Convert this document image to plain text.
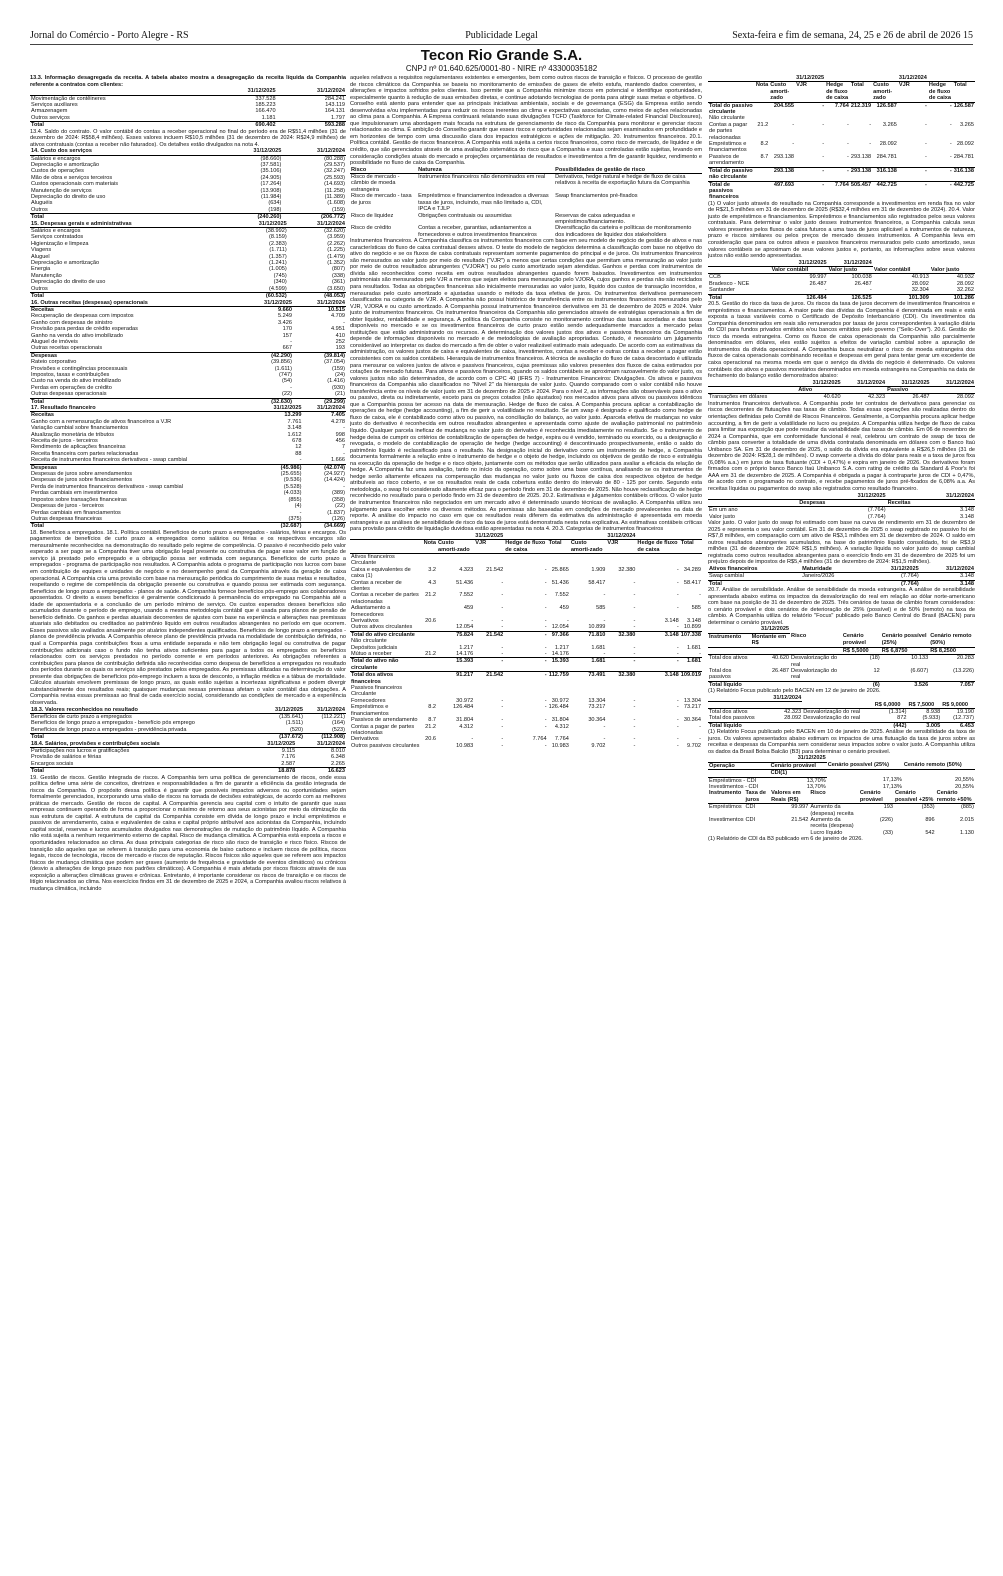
Jornal do Comércio - Porto Alegre - RS	Publicidade Legal	Sexta-feira e fim de semana, 24, 25 e 26 de abril de 2026 15
Tecon Rio Grande S.A.
CNPJ nº 01.640.625/0001-80 - NIRE nº 43300035182

13.3. Informação desagregada da receita. A tabela abaixo mostra a desagregação da receita líquida da Companhia referente a contratos com clientes:

	31/12/2025	31/12/2024
Movimentação de contêineres	337.528	284.241
Serviços auxiliares	185.223	143.119
Armazenagem	166.470	164.131
Outros serviços	1.181	1.797
Total	690.402	593.288

13.4. Saldo do contrato. O valor contábil do contas a receber operacional no final do período era de R$51,4 milhões (31 de dezembro de 2024: R$58,4 milhões). Esses valores incluem R$10,5 milhões (31 de dezembro de 2024: R$24,9 milhões) de ativos contratuais (contas a receber não faturados). Os detalhes estão divulgados na nota 4.

14. Custo dos serviços	31/12/2025	31/12/2024
Salários e encargos	(98.660)	(80.288)
Depreciação e amortização	(37.581)	(29.537)
Custos de operações	(35.106)	(32.247)
Mão de obra e serviços terceiros	(24.905)	(25.593)
Custos operacionais com materiais	(17.264)	(14.693)
Manutenção de serviços	(13.908)	(11.258)
Depreciação do direito de uso	(11.984)	(11.389)
Aluguéis	(634)	(1.608)
Outros	(198)	(159)
Total	(240.260)	(206.772)
15. Despesas gerais e administrativas	31/12/2025	31/12/2024
Salários e encargos	(38.992)	(32.620)
Serviços contratados	(8.159)	(3.959)
Higienização e limpeza	(2.383)	(2.262)
Viagens	(1.711)	(1.225)
Aluguel	(1.357)	(1.479)
Depreciação e amortização	(1.241)	(1.352)
Energia	(1.005)	(807)
Manutenção	(745)	(338)
Depreciação do direito de uso	(340)	(361)
Outros	(4.599)	(3.650)
Total	(60.532)	(48.053)
16. Outras receitas (despesas) operacionais	31/12/2025	31/12/2024
Receitas	9.660	10.515
Recuperação de despesas com impostos	5.249	4.709
Ganho com despesas de sinistro	3.426	-
Provisão para perdas de crédito esperadas	170	4.951
Ganho na venda do ativo imobilizado	157	410
Aluguel de imóveis	-	252
Outras receitas operacionais	667	193
Despesas	(42.290)	(39.814)
Rateio corporativo	(39.856)	(37.054)
Provisões e contingências processuais	(1.611)	(159)
Impostos, taxas e contribuições	(747)	(24)
Custo na venda do ativo imobilizado	(54)	(1.416)
Perdas em operações de crédito	-	(930)
Outras despesas operacionais	(22)	(21)
Total	(32.630)	(29.299)
17. Resultado financeiro	31/12/2025	31/12/2024
Receitas	13.299	7.405
Ganho com a remensuração de ativos financeiros a VJR	7.761	4.278
Variação cambial sobre financiamentos	3.148	-
Atualização monetária de tributos	1.612	998
Receita de juros - terceiros	678	456
Rendimento de aplicações financeiras	12	7
Receita financeira com partes relacionadas	88	-
Receita de instrumentos financeiros derivativos - swap cambial	-	1.666
Despesas	(45.986)	(42.074)
Despesas de juros sobre arrendamentos	(25.655)	(24.927)
Despesas de juros sobre financiamentos	(9.536)	(14.424)
Perda de instrumentos financeiros derivativos - swap cambial	(5.528)	-
Perdas cambiais em investimentos	(4.033)	(389)
Impostos sobre transações financeiras	(855)	(358)
Despesas de juros - terceiros	(4)	(22)
Perdas cambiais em financiamentos	-	(1.837)
Outras despesas financeiras	(375)	(126)
Total	(32.687)	(34.669)

18. Benefícios a empregados. 18.1. Política contábil. Benefícios de curto prazo a empregados - salários, férias e encargos. Os pagamentos de benefícios de curto prazo a empregados como salários ou férias e os respectivos encargos são mensuralmente reconhecidos na demonstração do resultado pelo regime de competência. O passivo é reconhecido pelo valor esperado a ser pago se a Companhia tiver uma obrigação legal presente ou construtiva de pagar esse valor em função de serviço já prestado pelo empregado e a obrigação possa ser estimada com segurança. Benefícios de curto prazo a empregados - programa de participação nos resultados. A Companhia adota o programa de participação nos lucros com base em contribuição de equipes e unidades de negócio e no desempenho geral da Companhia através da geração de caixa operacional. A Companhia cria uma provisão com base na mensuração periódica do cumprimento de suas metas e resultados, respeitando o regime de competência da obrigação presente ou construtiva e quando possa ser estimada com segurança. Benefícios de longo prazo a empregados - planos de saúde. A Companhia fornece benefícios pós-emprego aos colaboradores aposentados. O direito a esses benefícios é geralmente condicionado à permanência do empregado na Companhia até a idade de aposentadoria e a conclusão de um período mínimo de serviço. Os custos esperados desses benefícios são acumulados durante o período de emprego, usando a mesma metodologia contábil que é usada para planos de pensão de benefício definido. Os ganhos e perdas atuariais decorrentes de ajustes com base na experiência e alterações nas premissas atuariais são debitados ou creditados ao patrimônio líquido em outros resultados abrangentes no período em que ocorrem. Esses passivos são avaliados anualmente por atuários independentes qualificados. Benefícios de longo prazo a empregados - planos de previdência privada. A Companhia oferece plano de previdência privada na modalidade de contribuição definida, no qual a Companhia paga contribuições fixas a uma entidade separada e não tem obrigação legal ou construtiva de pagar contribuições adicionais caso o fundo não tenha ativos suficientes para pagar a todos os empregados os benefícios relacionados com os serviços prestados no período corrente e em períodos anteriores. As obrigações referentes a contribuições para planos de contribuição definida são reconhecidas como despesa de benefícios a empregados no resultado dos períodos durante os quais os serviços são prestados pelos empregados. As premissas utilizadas na determinação do valor presente das obrigações de benefícios pós-emprego incluem a taxa de desconto, a inflação médica e a tábua de mortalidade. Cálculos atuariais envolvem premissas de longo prazo, as quais estão sujeitas a incertezas significativas e podem divergir substancialmente dos resultados reais; quaisquer mudanças nessas premissas afetam o valor contábil das obrigações. A Companhia revisa essas premissas ao final de cada exercício social, considerando as condições de mercado e a experiência observada.

18.3. Valores reconhecidos no resultado	31/12/2025	31/12/2024
Benefícios de curto prazo a empregados	(135.641)	(112.221)
Benefícios de longo prazo a empregados - benefício pós emprego	(1.511)	(164)
Benefícios de longo prazo a empregados - previdência privada	(520)	(523)
Total	(137.672)	(112.908)
18.4. Salários, provisões e contribuições sociais	31/12/2025	31/12/2024
Participações nos lucros e gratificações	9.115	8.010
Provisão de salários e férias	7.176	6.348
Encargos sociais	2.587	2.265
Total	18.878	16.623

19. Gestão de riscos. Gestão integrada de riscos. A Companhia tem uma política de gerenciamento de riscos, onde essa política define uma série de conceitos, diretrizes e responsabilidades a fim de garantir a eficiência da gestão integrada de riscos da Companhia. O propósito dessa política é garantir que possíveis impactos adversos ou oportunidades sejam formalmente gerenciados, incorporando uma visão de riscos na tomada de decisões estratégicas, de acordo com as melhores práticas de mercado. Gestão de riscos de capital. A Companhia gerencia seu capital com o intuito de garantir que suas empresas continuem operando de forma a proporcionar o máximo de retorno aos seus acionistas por meio da otimização da sua estrutura de capital. A estrutura de capital da Companhia consiste em dívida de longo prazo e inclui empréstimos e passivos de arrendamento, caixa e equivalentes de caixa e capital próprio atribuível aos acionistas da Companhia, incluindo capital social, reservas e lucros acumulados divulgados nas demonstrações de mutação do patrimônio líquido. A Companhia não está sujeita a nenhum requerimento externo de capital. Risco de mudança climática. A Companhia está exposta a riscos e oportunidades relacionados ao clima. As duas principais categorias de risco são risco de transição e risco físico. Riscos de transição são aqueles que se referem à transição para uma economia de baixo carbono e incluem riscos de política, riscos legais, riscos de tecnologia, riscos de mercado e riscos de reputação. Riscos físicos são aqueles que se referem aos impactos físicos de mudança climática que podem ser graves (aumento de frequência e gravidade de eventos climáticos) ou crônicos (desvio a alterações de longo prazo nos padrões climáticos). A Companhia é mais afetada por riscos físicos através de sua exposição a alterações climáticas graves e crônicas. Entretanto, é importante considerar os riscos de transição e os riscos de litígio relacionados ao clima. Nos exercícios findos em 31 de dezembro de 2025 e 2024, a Companhia avaliou riscos relativos à mudança climática, incluindo

aqueles relativos a requisitos regulamentares existentes e emergentes, bem como outros riscos de transição e físicos. O processo de gestão de riscos climáticos da Companhia se baseia no monitoramento de emissões de gases de efeito estufa, mantendo dados coerentes, e alterações e impactos sofridos pelos clientes. Isso permite que a Companhia minimize riscos em potencial e identifique oportunidades, especialmente quanto à redução de suas emissões diretas, e continue adotando tecnologias de ponta para atingir suas metas e objetivos. O Conselho está atento para entender que as principais iniciativas ambientais, sociais e de governança (ESG) da Empresa estão sendo desenvolvidas e/ou implementadas para reduzir os riscos inerentes ao clima e expectativas associadas, como meios de ações relacionadas ao clima para a Companhia. A Empresa continuará relatando suas divulgações TCFD (Taskforce for Climate-related Financial Disclosures), que impulsionaram uma abordagem mais focada na estrutura de gerenciamento de risco da Companhia para monitorar e gerenciar riscos relacionados ao clima. É ambição do Conselho garantir que esses riscos e oportunidades relacionadas sejam examinados em profundidade e em horizontes de tempo com uma discussão clara dos impactos estratégicos e ações de mitigação. 20. Instrumentos financeiros. 20.1. Política contábil. Gestão de riscos financeiros. A Companhia está sujeita a certos riscos financeiros, como risco de mercado, de liquidez e de crédito, que são gerenciados através de uma avaliação sistemática do risco que a Companhia e suas controladas estão sujeitas, levando em consideração condições atuais do mercado e projeções orçamentárias de resultados e investimentos a fim de garantir liquidez, rendimento e possibilidade no fluxo de caixa da Companhia.

Risco	Natureza	Possibilidades de gestão de risco
Risco de mercado - câmbio de moeda estrangeira	Instrumentos financeiros não denominados em real	Derivativos, hedge natural e hedge de fluxo de caixa relativos à receita de exportação futura da Companhia
Risco de mercado - taxa de juros	Empréstimos e financiamentos indexados a diversas taxas de juros, incluindo, mas não limitado a, CDI, IPCA e TJLP	Swap financiamentos pré-fixados
Risco de liquidez	Obrigações contratuais ou assumidas	Reservas de caixa adequadas e empréstimos/financiamento.
Risco de crédito	Contas a receber, garantias, adiantamentos a fornecedores e outros investimentos financeiros	Diversificação da carteira e políticas de monitoramento dos indicadores de liquidez dos stakeholders

Instrumentos financeiros. A Companhia classifica os instrumentos financeiros com base em seu modelo de negócio de gestão de ativos e nas características do fluxo de caixa contratual desses ativos. O teste do modelo de negócios determina a classificação com base no objetivo do ativo do negócio e se os fluxos de caixa contratuais representam somente pagamentos do principal e de juros. Os instrumentos financeiros são mensurados ao valor justo por meio do resultado ("VJR") a menos que certas condições que permitam uma mensuração ao valor justo por meio de outros resultados abrangentes ("VJORA") ou pelo custo amortizado sejam atendidas. Ganhos e perdas com instrumentos de dívida são reconhecidos como receita em outros resultados abrangentes quando forem baixados. Investimentos em instrumentos patrimoniais são mensurados pelo VJR a menos que sejam eleitos para mensuração pelo VJORA, cujos ganhos e perdas não são reciclados para resultados. Todas as obrigações financeiras são inicialmente mensuradas ao valor justo, líquido dos custos de transação incorridos, e mensuradas pelo custo amortizado e ajustadas usando o método da taxa efetiva de juros. Os instrumentos derivativos permanecem classificados na categoria de VJR. A Companhia não possui histórico de transferência entre os instrumentos financeiros mensurados pelo VJR, VJORA e ou custo amortizado. A Companhia possui instrumentos financeiros derivativos em 31 de dezembro de 2025 e 2024. Valor justo de instrumentos financeiros. Os instrumentos financeiros da Companhia são gerenciados através de estratégias operacionais a fim de obter liquidez, rentabilidade e segurança. A política da Companhia consiste no monitoramento contínuo das taxas acordadas e das taxas disponíveis no mercado e se os investimentos financeiros de curto prazo estão sendo adequadamente marcados a mercado pelas instituições que estão administrando os recursos. A determinação dos valores justos dos ativos e passivos financeiros da Companhia depende de informações disponíveis no mercado e de metodologias de avaliação apropriadas. Contudo, é necessário um julgamento considerável ao interpretar os dados do mercado a fim de obter o valor realizável estimado mais adequado. De acordo com as estimativas da administração, os valores justos de caixa e equivalentes de caixa, investimentos, contas a receber e outras contas a receber a pagar estão consistentes com os saldos contábeis. Hierarquia de instrumentos financeiros. A técnica de avaliação do fluxo de caixa descontado é utilizada para mensurar os valores justos de ativos e passivos financeiros, cujas premissas são valores presentes dos fluxos de caixa estimados por cotações de mercado futuras. Para ativos e passivos financeiros, quando os saldos contábeis se aproximam razoavelmente do valor justo, os valores justos não são determinados, de acordo com o CPC 40 (IFRS 7) - Instrumentos Financeiros: Divulgações. Os ativos e passivos financeiros da Companhia são classificados no "Nível 2" da hierarquia de valor justo. Quando comparado com o valor contábil não houve transferência entre os níveis de valor justo em 31 de dezembro de 2025 e 2024. Para o nível 2, as informações são observáveis para o ativo ou passivo, direta ou indiretamente, exceto para os preços cotados (não ajustados) nos mercados ativos para ativos ou passivos idênticos que a Companhia possa ter acesso na data de mensuração. Hedge de fluxo de caixa. A Companhia procura aplicar a contabilização de operações de hedge (hedge accounting), a fim de gerir a volatilidade no resultado. Se um swap é designado e qualificado como hedge de fluxo de caixa, ele é contabilizado como ativo ou passivo, na conciliação do balanço, ao valor justo. Aparcela efetiva de mudanças no valor justo do derivativo é reconhecida em outros resultados abrangentes e apresentada como ajuste de avaliação patrimonial no patrimônio líquido. Qualquer parcela ineficaz de mudança no valor justo do derivativo é reconhecida imediatamente no resultado. Se o instrumento de hedge deixa de cumprir os critérios de contabilização de operações de hedge, expira ou é vendido, terminado ou exercido, ou a designação é revogada, o modelo de contabilização de operação de hedge (hedge accounting) é descontinuado prospectivamente, então o saldo do patrimônio líquido é reclassificado para o resultado. Na designação inicial do derivativo como um instrumento de hedge, a Companhia documenta formalmente a relação entre o instrumento de hedge e o objeto de hedge, incluindo os objetivos de gestão de risco e estratégia na execução da operação de hedge e o risco objeto, juntamente com os métodos que serão utilizados para avaliar a eficácia da relação de hedge. A Companhia faz uma avaliação, tanto no início da operação, como sobre uma base contínua, analisando se os instrumentos de hedge serão altamente eficazes na compensação das mudanças no valor justo ou fluxos de caixa dos respectivos objetos de hedge atribuíveis ao risco coberto, e se os resultados reais de cada cobertura estão dentro do intervalo de 80 - 125 por cento. Segundo esta metodologia, o swap foi considerado altamente eficaz para o período findo em 31 de dezembro de 2025. Não houve reclassificação de hedge reconhecido no resultado para o período findo em 31 de dezembro de 2025. 20.2. Estimativas e julgamentos contábeis críticos. O valor justo de instrumentos financeiros não negociados em um mercado ativo é determinado usando técnicas de avaliação. A Companhia utiliza seu julgamento para escolher entre os diversos métodos. As premissas são baseadas em condições de mercado prevalecentes na data de reporte. A análise do impacto no caso em que os resultados reais diferem da estimativa da administração é apresentada em moeda estrangeira e as análises de sensibilidade de risco da taxa de juros está demonstrada nesta nota explicativa. As estimativas contábeis críticas para provisão para crédito de liquidação duvidosa estão apresentadas na nota 4. 20.3. Categorias de instrumentos financeiros

			31/12/2025				31/12/2024		
	Nota	Custo amorti-zado	VJR	Hedge de fluxo de caixa	Total	Custo amorti-zado	VJR	Hedge de fluxo de caixa	Total
Ativos financeiros									
Circulante									
Caixa e equivalentes de caixa (1)	3.2	4.323	21.542	-	25.865	1.909	32.380	-	34.289
Contas a receber de clientes	4.3	51.436	-	-	51.436	58.417	-	-	58.417
Contas a receber de partes relacionadas	21.2	7.552	-	-	7.552	-	-	-	-
Adiantamento a fornecedores		459	-	-	459	585	-	-	585
Derivativos	20.6	-	-	-	-	-	-	3.148	3.148
Outros ativos circulantes		12.054	-	-	12.054	10.899	-	-	10.899
Total do ativo circulante		75.824	21.542	-	97.366	71.810	32.380	3.148	107.338
Não circulante									
Depósitos judiciais		1.217	-	-	1.217	1.681	-	-	1.681
Mútuo a receber	21.2	14.176	-	-	14.176	-	-	-	-
Total do ativo não circulante		15.393	-	-	15.393	1.681	-	-	1.681
Total dos ativos financeiros		91.217	21.542	-	112.759	73.491	32.380	3.148	109.019
Passivos financeiros									
Circulante									
Fornecedores		30.972	-	-	30.972	13.304	-	-	13.304
Empréstimos e financiamentos	8.2	126.484	-	-	126.484	73.217	-	-	73.217
Passivos de arrendamento	8.7	31.804	-	-	31.804	30.364	-	-	30.364
Contas a pagar de partes relacionadas	21.2	4.312	-	-	4.312	-	-	-	-
Derivativos	20.6	-	-	7.764	7.764	-	-	-	-
Outros passivos circulantes		10.983	-	-	10.983	9.702	-	-	9.702
			31/12/2025				31/12/2024		
	Nota	Custo amorti-zado	VJR	Hedge de fluxo de caixa	Total	Custo amorti-zado	VJR	Hedge de fluxo de caixa	Total
Total do passivo circulante		204.555	-	7.764	212.319	126.587	-	-	126.587
Não circulante									
Contas a pagar de partes relacionadas	21.2	-	-	-	-	3.265	-	-	3.265
Empréstimos e financiamentos	8.2	-	-	-	-	28.092	-	-	28.092
Passivos de arrendamento	8.7	293.138	-	-	293.138	284.781	-	-	284.781
Total do passivo não circulante		293.138	-	-	293.138	316.138	-	-	316.138
Total de passivos financeiros		497.693	-	7.764	505.457	442.725	-	-	442.725

(1) O valor justo através do resultado na Companhia corresponde a investimentos em renda fixa no valor de R$21,5 milhões em 31 de dezembro de 2025 (R$32,4 milhões em 31 de dezembro de 2024). 20.4. Valor justo de empréstimos e financiamentos. Empréstimos e financiamentos são registrados pelos seus valores contratuais. Para determinar o valor justo desses instrumentos financeiros, a Companhia calcula seus valores presentes pelos fluxos de caixa futuros a uma taxa de juros aplicável a instrumentos de natureza, prazo e riscos similares ou pelos preços de mercado desses instrumentos. A Companhia leva em consideração que para os outros ativos e passivos financeiros mensurados pelo custo amortizado, seus valores contábeis se aproximam de seus valores justos e, portanto, as informações sobre seus valores justos não estão sendo apresentadas.

	31/12/2025	31/12/2024		
	Valor contábil	Valor justo	Valor contábil	Valor justo
CCB	99.997	100.038	40.913	40.932
Bradesco - NCE	26.487	26.487	28.092	28.092
Santander	-	-	32.304	32.262
Total	126.484	126.525	101.309	101.286

20.5. Gestão do risco da taxa de juros. Os riscos da taxa de juros decorrem de investimentos financeiros e empréstimos e financiamentos. A maior parte das dívidas da Companhia é denominada em reais e está exposta a taxas variáveis como o Certificado de Depósito Interbancário (CDI). Os investimentos da Companhia denominados em reais são remunerados por taxas de juros correspondentes à variação diária do CDI para fundos privados emitidos e/ou bancos emitidos pelo governo ("Selic-Over"). 20.6. Gestão de risco da moeda estrangeira. Como os fluxos de caixa operacionais da Companhia são parcialmente denominados em dólares, eles estão sujeitos a efeitos de variação cambial sobre a apuração de instrumentos da dívida operacional. A Companhia busca neutralizar o risco de moeda estrangeira dos fluxos de caixa operacionais combinando receitas e despesas em geral para tentar gerar um excedente de caixa operacional na mesma moeda em que o serviço da dívida do negócio é determinado. Os valores contábeis dos ativos e passivos monetários denominados em moeda estrangeira na Companhia na data de fechamento do balanço estão demonstrados abaixo:

	31/12/2025	31/12/2024	31/12/2025	31/12/2024
	Ativo		Passivo	
Transações em dólares	40.620	42.323	26.487	28.092

Instrumentos financeiros derivativos. A Companhia pode ter contratos de derivativos para gerenciar os riscos decorrentes de flutuações nas taxas de câmbio. Todas essas operações são realizadas dentro do orientações definidas pelo Comitê de Riscos Financeiros. Geralmente, a Companhia procura aplicar hedge accounting, a fim de gerir a volatilidade no lucro ou prejuízo. A Companhia utiliza hedge de fluxo de caixa para limitar sua exposição que pode resultar da variabilidade das taxas de câmbio. Em 06 de novembro de 2024 a Companhia, que em conformidade funcional é real, celebrou um contrato de swap de taxa de câmbio para converter a totalidade de uma dívida contratada denominada em dólares com o Banco Itaú Unibanco SA. Em 31 de dezembro de 2025, o saldo da dívida era equivalente a R$26,5 milhões (31 de dezembro de 2024: R$28,1 de milhões). O swap converte a dívida do dólar para reais e a taxa de juros fixa (6,08% a.a.) em juros de taxa flutuante (CDI + 0,47%) e expira em janeiro de 2026. Os derivativos foram firmados com o próprio banco Banco Itaú Unibanco S.A. com rating de crédito da Standard & Poor's foi AAA em 31 de dezembro de 2025. A Companhia é obrigada a pagar à contraparte juros de CDI + 0,47%, de acordo com o programado no contrato, e recebe pagamentos de juros pré-fixados de 6,08% a.a. As receitas líquidas ou pagamentos do swap são registrados como resultado financeiro.

	31/12/2025	31/12/2024
	Despesas	Receitas
Em um ano	(7.764)	3.148
Valor justo	(7.764)	3.148

Valor justo. O valor justo do swap foi estimado com base na curva de rendimento em 31 de dezembro de 2025 e representa o seu valor contábil. Em 31 de dezembro de 2025 o swap registrado no passivo foi de R$7,8 milhões, em comparação com um ativo de R$3,1 milhões em 31 de dezembro de 2024. O saldo em outros resultados abrangentes acumulados, na base do patrimônio líquido consolidado, foi de R$3,9 milhões (31 de dezembro de 2024: R$1,5 milhões). A variação líquida no valor justo do swap cambial registrada como outros resultados abrangentes para o exercício findo em 31 de dezembro de 2025 foi um prejuízo depois de impostos de R$5,4 milhões (31 de dezembro de 2024: R$1,5 milhões).

Ativos financeiros	Maturidade	31/12/2025	31/12/2024
Swap cambial	Janeiro/2026	(7.764)	3.148
Total		(7.764)	3.148

20.7. Análise de sensibilidade. Análise de sensibilidade da moeda estrangeira. A análise de sensibilidade apresentada abaixo estima os impactos da desvalorização do real em relação ao dólar norte-americano com base na posição de 31 de dezembro de 2025. Três cenários de taxas de câmbio foram considerados: o cenário provável e dois cenários de deterioração de 25% (possível) e de 50% (remoto) na taxa de câmbio. A Companhia utiliza do relatório "Focus" publicado pelo Banco Central do Brasil (BACEN) para determinar o cenário provável.

	31/12/2025				
Instrumento	Montante em R$	Risco	Cenário provável	Cenário possível (25%)	Cenário remoto (50%)
			R$ 5,5000	R$ 6,8750	R$ 8,2500
Total dos ativos	40.620	Desvalorização do real	(18)	10.133	20.283
Total dos passivos	26.487	Desvalorização do real	12	(6.607)	(13.226)
Total líquido			(6)	3.526	7.057

(1) Relatório Focus publicado pelo BACEN em 12 de janeiro de 2026.

	31/12/2024				
			R$ 6,0000	R$ 7,5000	R$ 9,0000
Total dos ativos	42.323	Desvalorização do real	(1.314)	8.938	19.190
Total dos passivos	28.092	Desvalorização do real	872	(5.933)	(12.737)
Total líquido			(442)	3.005	6.453

(1) Relatório Focus publicado pelo BACEN em 10 de janeiro de 2025. Análise de sensibilidade da taxa de juros. Os valores apresentados abaixo estimam os impactos de uma flutuação da taxa de juros sobre as receitas e despesas da Companhia sem considerar seus impactos sobre o valor justo. A Companhia utiliza os dados da Brasil Bolsa Balcão (B3) para determinar o cenário provável.

	31/12/2025		
Operação	Cenário provável	Cenário possível (25%)	Cenário remoto (50%)
	CDI(1)		
Empréstimos - CDI	13,70%	17,13%	20,55%
Investimentos - CDI	13,70%	17,13%	20,55%
Instrumento	Taxa de juros	Valores em Reais (R$)	Risco	Cenário provável	Cenário possível +25%	Cenário remoto +50%
Empréstimos	CDI	99.997	Aumento da (despesa) receita	193	(353)	(885)
Investimentos	CDI	21.542	Aumento da receita (despesa)	(226)	896	2.015
			Lucro líquido	(33)	542	1.130

(1) Relatório de CDI da B3 publicado em 6 de janeiro de 2026.
